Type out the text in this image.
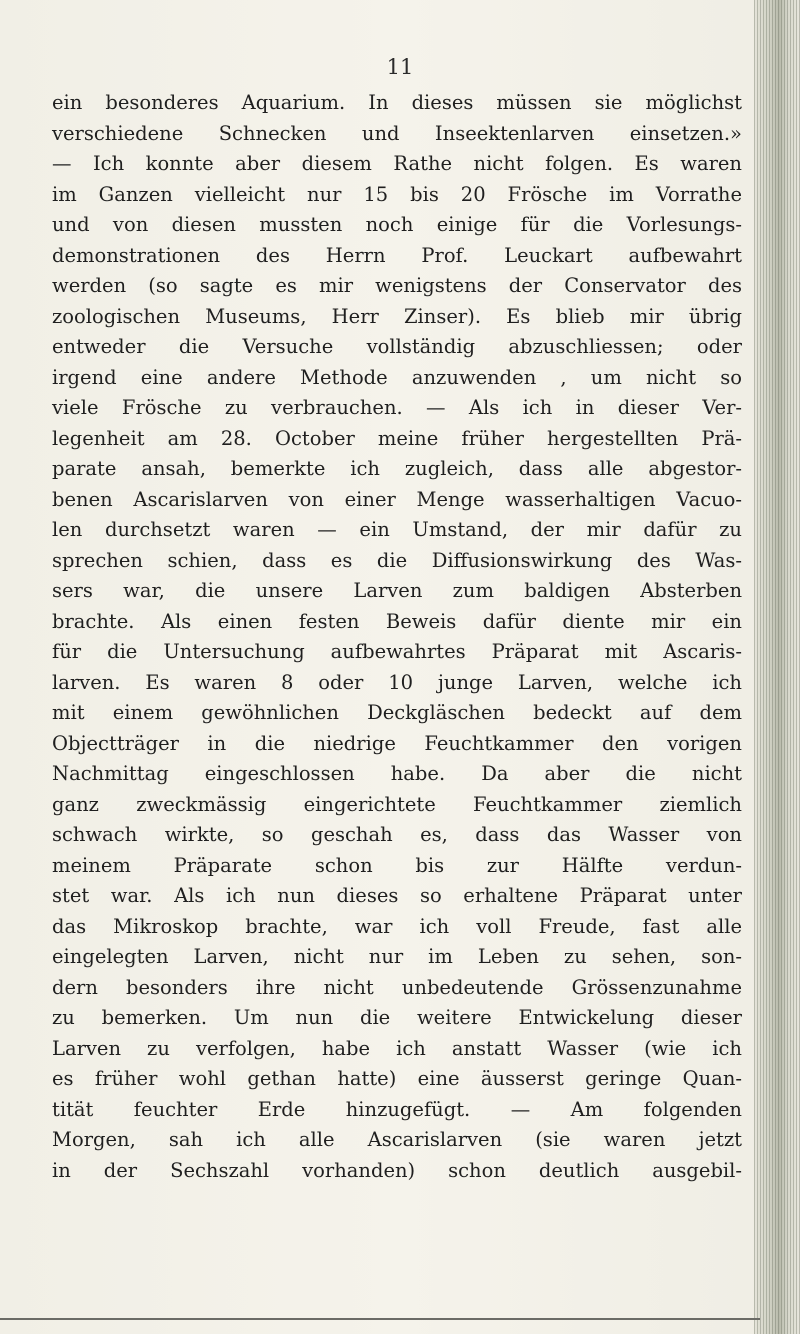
11

ein besonderes Aquarium. In dieses müssen sie möglichst
verschiedene Schnecken und Inseektenlarven einsetzen.»
— Ich konnte aber diesem Rathe nicht folgen. Es waren
im Ganzen vielleicht nur 15 bis 20 Frösche im Vorrathe
und von diesen mussten noch einige für die Vorlesungs-
demonstrationen des Herrn Prof. Leuckart aufbewahrt
werden (so sagte es mir wenigstens der Conservator des
zoologischen Museums, Herr Zinser). Es blieb mir übrig
entweder die Versuche vollständig abzuschliessen; oder
irgend eine andere Methode anzuwenden , um nicht so
viele Frösche zu verbrauchen. — Als ich in dieser Ver-
legenheit am 28. October meine früher hergestellten Prä-
parate ansah, bemerkte ich zugleich, dass alle abgestor-
benen Ascarislarven von einer Menge wasserhaltigen Vacuo-
len durchsetzt waren — ein Umstand, der mir dafür zu
sprechen schien, dass es die Diffusionswirkung des Was-
sers war, die unsere Larven zum baldigen Absterben
brachte. Als einen festen Beweis dafür diente mir ein
für die Untersuchung aufbewahrtes Präparat mit Ascaris-
larven. Es waren 8 oder 10 junge Larven, welche ich
mit einem gewöhnlichen Deckgläschen bedeckt auf dem
Objectträger in die niedrige Feuchtkammer den vorigen
Nachmittag eingeschlossen habe. Da aber die nicht
ganz zweckmässig eingerichtete Feuchtkammer ziemlich
schwach wirkte, so geschah es, dass das Wasser von
meinem Präparate schon bis zur Hälfte verdun-
stet war. Als ich nun dieses so erhaltene Präparat unter
das Mikroskop brachte, war ich voll Freude, fast alle
eingelegten Larven, nicht nur im Leben zu sehen, son-
dern besonders ihre nicht unbedeutende Grössenzunahme
zu bemerken. Um nun die weitere Entwickelung dieser
Larven zu verfolgen, habe ich anstatt Wasser (wie ich
es früher wohl gethan hatte) eine äusserst geringe Quan-
tität feuchter Erde hinzugefügt. — Am folgenden
Morgen, sah ich alle Ascarislarven (sie waren jetzt
in der Sechszahl vorhanden) schon deutlich ausgebil-
